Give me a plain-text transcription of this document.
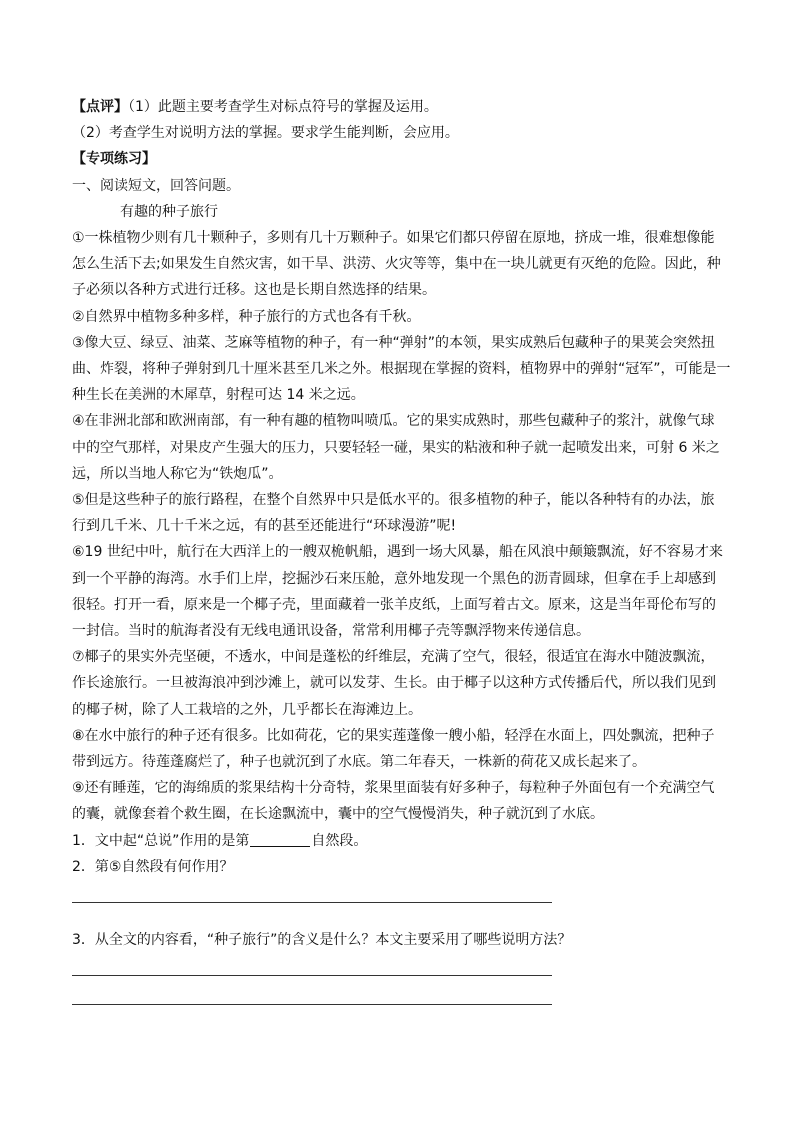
【点评】（1）此题主要考查学生对标点符号的掌握及运用。

（2）考查学生对说明方法的掌握。要求学生能判断，会应用。

【专项练习】

一、阅读短文，回答问题。

有趣的种子旅行

①一株植物少则有几十颗种子，多则有几十万颗种子。如果它们都只停留在原地，挤成一堆，很难想像能

怎么生活下去;如果发生自然灾害，如干旱、洪涝、火灾等等，集中在一块儿就更有灭绝的危险。因此，种

子必须以各种方式进行迁移。这也是长期自然选择的结果。

②自然界中植物多种多样，种子旅行的方式也各有千秋。

③像大豆、绿豆、油菜、芝麻等植物的种子，有一种“弹射”的本领，果实成熟后包藏种子的果荚会突然扭

曲、炸裂，将种子弹射到几十厘米甚至几米之外。根据现在掌握的资料，植物界中的弹射“冠军”，可能是一

种生长在美洲的木犀草，射程可达 14 米之远。

④在非洲北部和欧洲南部，有一种有趣的植物叫喷瓜。它的果实成熟时，那些包藏种子的浆汁，就像气球

中的空气那样，对果皮产生强大的压力，只要轻轻一碰，果实的粘液和种子就一起喷发出来，可射 6 米之

远，所以当地人称它为“铁炮瓜”。

⑤但是这些种子的旅行路程，在整个自然界中只是低水平的。很多植物的种子，能以各种特有的办法，旅

行到几千米、几十千米之远，有的甚至还能进行“环球漫游”呢!

⑥19 世纪中叶，航行在大西洋上的一艘双桅帆船，遇到一场大风暴，船在风浪中颠簸飘流，好不容易才来

到一个平静的海湾。水手们上岸，挖掘沙石来压舱，意外地发现一个黑色的沥青圆球，但拿在手上却感到

很轻。打开一看，原来是一个椰子壳，里面藏着一张羊皮纸，上面写着古文。原来，这是当年哥伦布写的

一封信。当时的航海者没有无线电通讯设备，常常利用椰子壳等飘浮物来传递信息。

⑦椰子的果实外壳坚硬，不透水，中间是蓬松的纤维层，充满了空气，很轻，很适宜在海水中随波飘流，

作长途旅行。一旦被海浪冲到沙滩上，就可以发芽、生长。由于椰子以这种方式传播后代，所以我们见到

的椰子树，除了人工栽培的之外，几乎都长在海滩边上。

⑧在水中旅行的种子还有很多。比如荷花，它的果实莲蓬像一艘小船，轻浮在水面上，四处飘流，把种子

带到远方。待莲蓬腐烂了，种子也就沉到了水底。第二年春天，一株新的荷花又成长起来了。

⑨还有睡莲，它的海绵质的浆果结构十分奇特，浆果里面装有好多种子，每粒种子外面包有一个充满空气

的囊，就像套着个救生圈，在长途飘流中，囊中的空气慢慢消失，种子就沉到了水底。

1．文中起“总说”作用的是第	自然段。

2．第⑤自然段有何作用？

3．从全文的内容看，“种子旅行”的含义是什么？本文主要采用了哪些说明方法？
